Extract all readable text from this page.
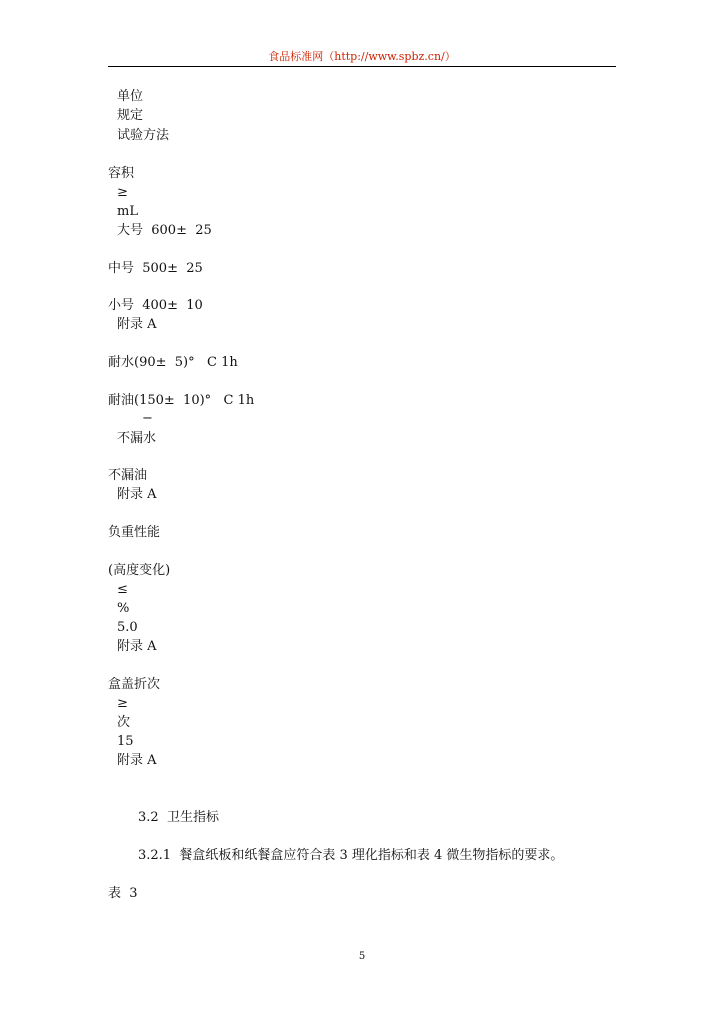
食品标准网（http://www.spbz.cn/）
单位
规定
试验方法
容积
≥
mL
大号  600±  25
中号  500±  25
小号  400±  10
附录 A
耐水(90±  5)°   C 1h
耐油(150±  10)°   C 1h
−
不漏水
不漏油
附录 A
负重性能
(高度变化)
≤
%
5.0
附录 A
盒盖折次
≥
次
15
附录 A
3.2  卫生指标
3.2.1  餐盒纸板和纸餐盒应符合表 3 理化指标和表 4 微生物指标的要求。
表  3
5
